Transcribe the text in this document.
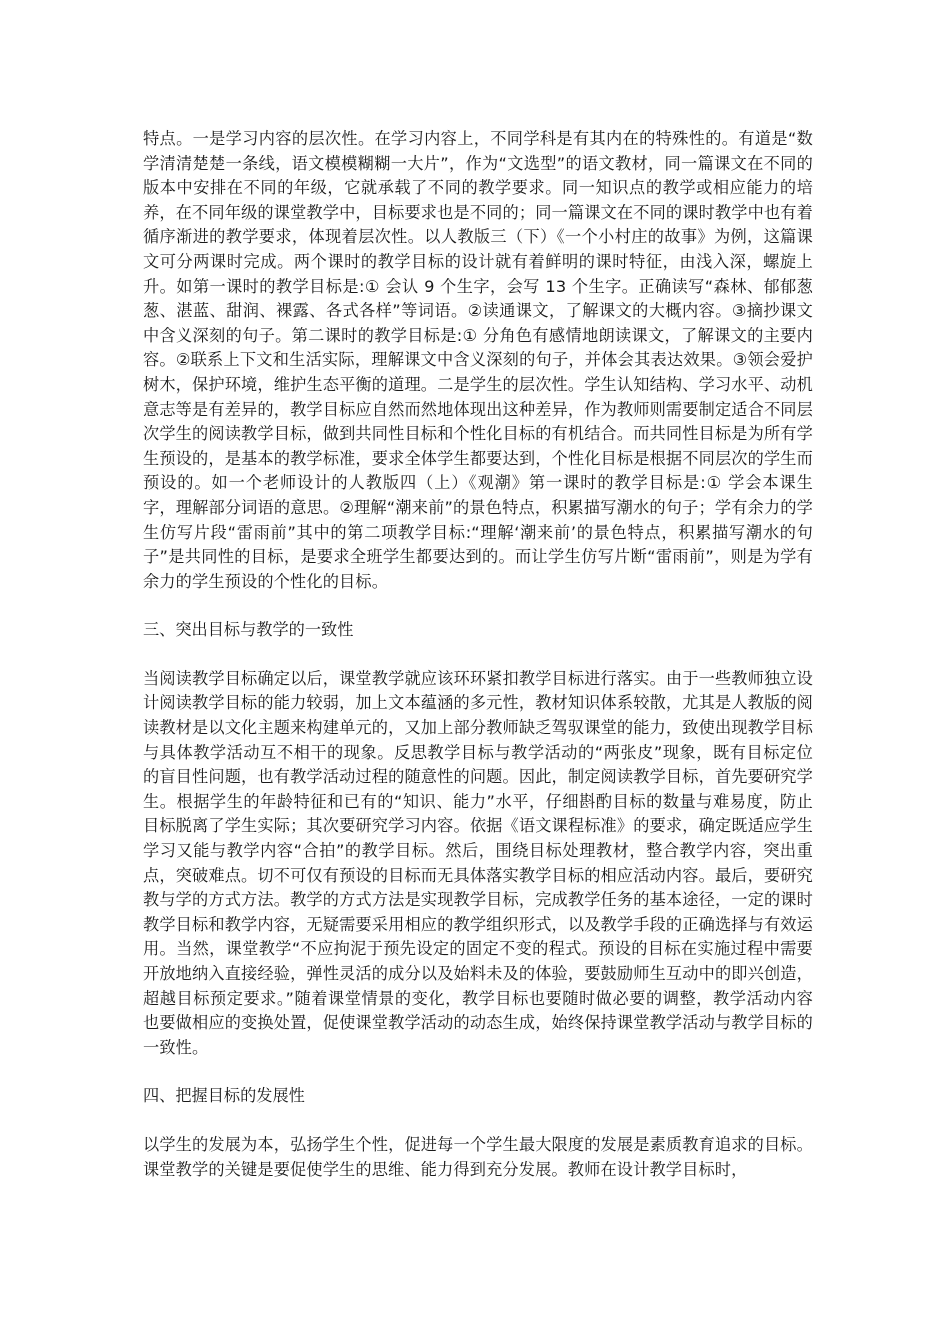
特点。一是学习内容的层次性。在学习内容上，不同学科是有其内在的特殊性的。有道是“数学清清楚楚一条线，语文模模糊糊一大片”，作为“文选型”的语文教材，同一篇课文在不同的版本中安排在不同的年级，它就承载了不同的教学要求。同一知识点的教学或相应能力的培养，在不同年级的课堂教学中，目标要求也是不同的；同一篇课文在不同的课时教学中也有着循序渐进的教学要求，体现着层次性。以人教版三（下）《一个小村庄的故事》为例，这篇课文可分两课时完成。两个课时的教学目标的设计就有着鲜明的课时特征，由浅入深，螺旋上升。如第一课时的教学目标是:① 会认 9 个生字，会写 13 个生字。正确读写“森林、郁郁葱葱、湛蓝、甜润、裸露、各式各样”等词语。②读通课文，了解课文的大概内容。③摘抄课文中含义深刻的句子。第二课时的教学目标是:① 分角色有感情地朗读课文，了解课文的主要内容。②联系上下文和生活实际，理解课文中含义深刻的句子，并体会其表达效果。③领会爱护树木，保护环境，维护生态平衡的道理。二是学生的层次性。学生认知结构、学习水平、动机意志等是有差异的，教学目标应自然而然地体现出这种差异，作为教师则需要制定适合不同层次学生的阅读教学目标，做到共同性目标和个性化目标的有机结合。而共同性目标是为所有学生预设的，是基本的教学标准，要求全体学生都要达到，个性化目标是根据不同层次的学生而预设的。如一个老师设计的人教版四（上）《观潮》第一课时的教学目标是:① 学会本课生字，理解部分词语的意思。②理解“潮来前”的景色特点，积累描写潮水的句子；学有余力的学生仿写片段“雷雨前”其中的第二项教学目标:“理解‘潮来前’的景色特点，积累描写潮水的句子”是共同性的目标，是要求全班学生都要达到的。而让学生仿写片断“雷雨前”，则是为学有余力的学生预设的个性化的目标。

三、突出目标与教学的一致性

当阅读教学目标确定以后，课堂教学就应该环环紧扣教学目标进行落实。由于一些教师独立设计阅读教学目标的能力较弱，加上文本蕴涵的多元性，教材知识体系较散，尤其是人教版的阅读教材是以文化主题来构建单元的，又加上部分教师缺乏驾驭课堂的能力，致使出现教学目标与具体教学活动互不相干的现象。反思教学目标与教学活动的“两张皮”现象，既有目标定位的盲目性问题，也有教学活动过程的随意性的问题。因此，制定阅读教学目标，首先要研究学生。根据学生的年龄特征和已有的“知识、能力”水平，仔细斟酌目标的数量与难易度，防止目标脱离了学生实际；其次要研究学习内容。依据《语文课程标准》的要求，确定既适应学生学习又能与教学内容“合拍”的教学目标。然后，围绕目标处理教材，整合教学内容，突出重点，突破难点。切不可仅有预设的目标而无具体落实教学目标的相应活动内容。最后，要研究教与学的方式方法。教学的方式方法是实现教学目标，完成教学任务的基本途径，一定的课时教学目标和教学内容，无疑需要采用相应的教学组织形式，以及教学手段的正确选择与有效运用。当然，课堂教学“不应拘泥于预先设定的固定不变的程式。预设的目标在实施过程中需要开放地纳入直接经验，弹性灵活的成分以及始料未及的体验，要鼓励师生互动中的即兴创造，超越目标预定要求。”随着课堂情景的变化，教学目标也要随时做必要的调整，教学活动内容也要做相应的变换处置，促使课堂教学活动的动态生成，始终保持课堂教学活动与教学目标的一致性。

四、把握目标的发展性

以学生的发展为本，弘扬学生个性，促进每一个学生最大限度的发展是素质教育追求的目标。课堂教学的关键是要促使学生的思维、能力得到充分发展。教师在设计教学目标时，
